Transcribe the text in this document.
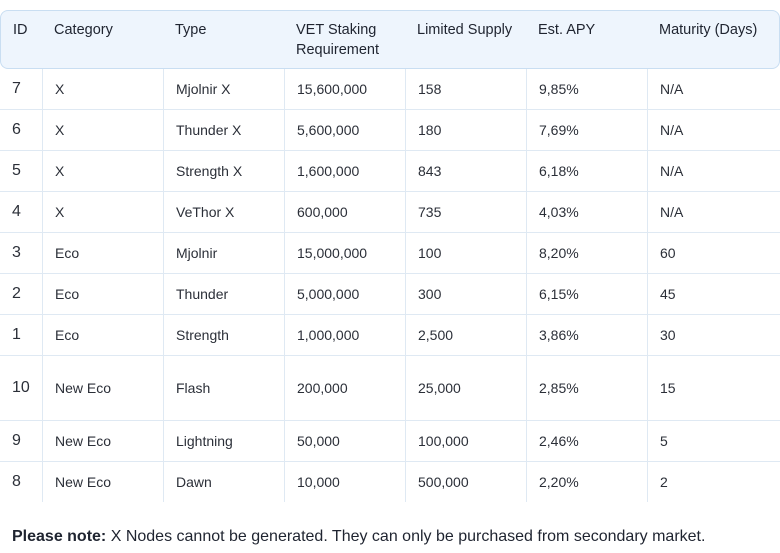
ID	Category	Type	VET Staking Requirement	Limited Supply	Est. APY	Maturity (Days)
7	X	Mjolnir X	15,600,000	158	9,85%	N/A
6	X	Thunder X	5,600,000	180	7,69%	N/A
5	X	Strength X	1,600,000	843	6,18%	N/A
4	X	VeThor X	600,000	735	4,03%	N/A
3	Eco	Mjolnir	15,000,000	100	8,20%	60
2	Eco	Thunder	5,000,000	300	6,15%	45
1	Eco	Strength	1,000,000	2,500	3,86%	30
10	New Eco	Flash	200,000	25,000	2,85%	15
9	New Eco	Lightning	50,000	100,000	2,46%	5
8	New Eco	Dawn	10,000	500,000	2,20%	2
Please note: X Nodes cannot be generated. They can only be purchased from secondary market.
